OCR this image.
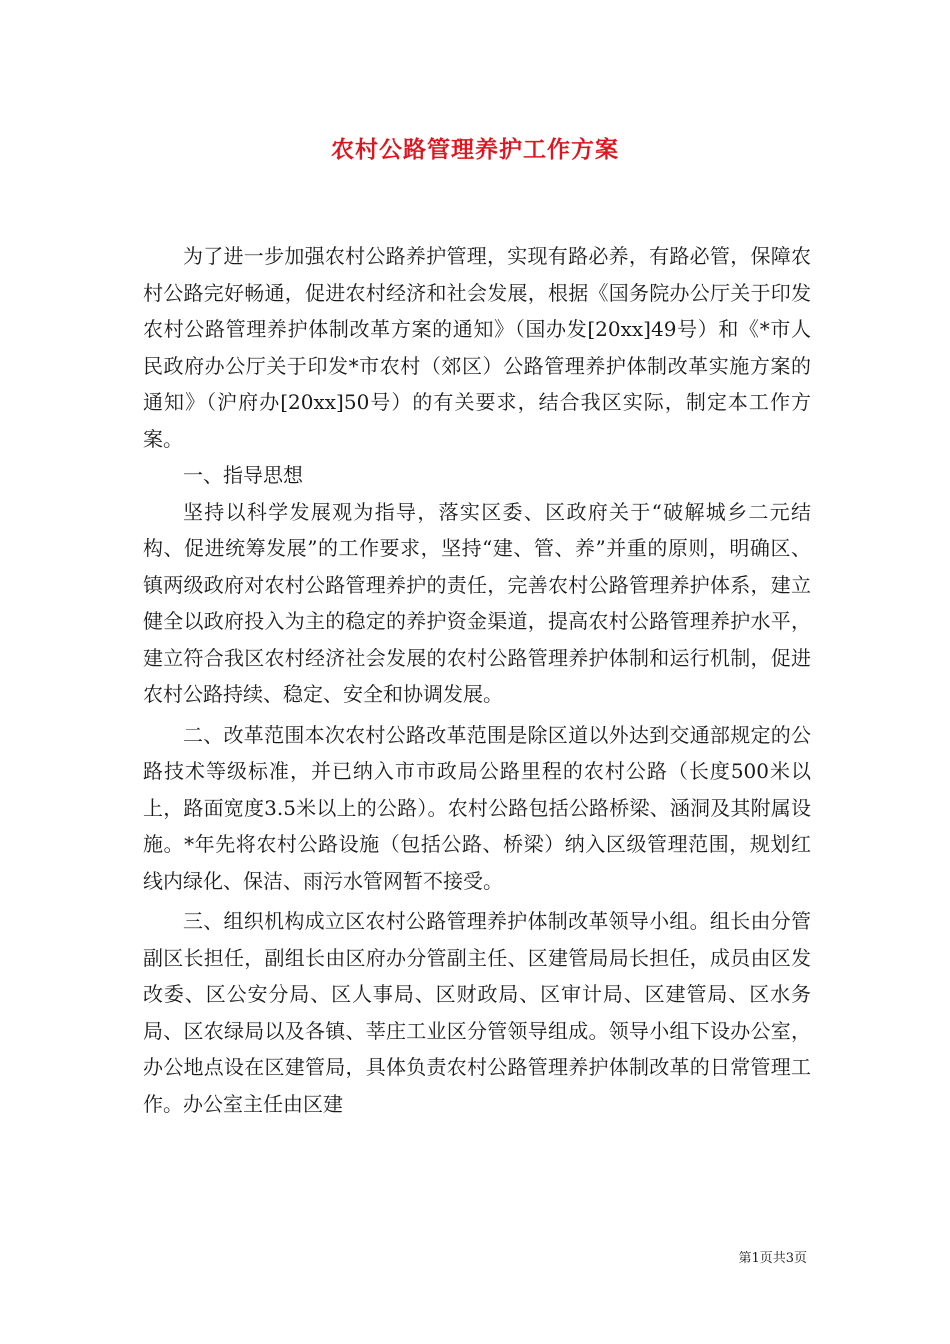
农村公路管理养护工作方案

为了进一步加强农村公路养护管理，实现有路必养，有路必管，保障农村公路完好畅通，促进农村经济和社会发展，根据《国务院办公厅关于印发农村公路管理养护体制改革方案的通知》（国办发[20xx]49号）和《*市人民政府办公厅关于印发*市农村（郊区）公路管理养护体制改革实施方案的通知》（沪府办[20xx]50号）的有关要求，结合我区实际，制定本工作方案。

一、指导思想

坚持以科学发展观为指导，落实区委、区政府关于“破解城乡二元结构、促进统筹发展”的工作要求，坚持“建、管、养”并重的原则，明确区、镇两级政府对农村公路管理养护的责任，完善农村公路管理养护体系，建立健全以政府投入为主的稳定的养护资金渠道，提高农村公路管理养护水平，建立符合我区农村经济社会发展的农村公路管理养护体制和运行机制，促进农村公路持续、稳定、安全和协调发展。

二、改革范围本次农村公路改革范围是除区道以外达到交通部规定的公路技术等级标准，并已纳入市市政局公路里程的农村公路（长度500米以上，路面宽度3.5米以上的公路）。农村公路包括公路桥梁、涵洞及其附属设施。*年先将农村公路设施（包括公路、桥梁）纳入区级管理范围，规划红线内绿化、保洁、雨污水管网暂不接受。

三、组织机构成立区农村公路管理养护体制改革领导小组。组长由分管副区长担任，副组长由区府办分管副主任、区建管局局长担任，成员由区发改委、区公安分局、区人事局、区财政局、区审计局、区建管局、区水务局、区农绿局以及各镇、莘庄工业区分管领导组成。领导小组下设办公室，办公地点设在区建管局，具体负责农村公路管理养护体制改革的日常管理工作。办公室主任由区建

第1页共3页
